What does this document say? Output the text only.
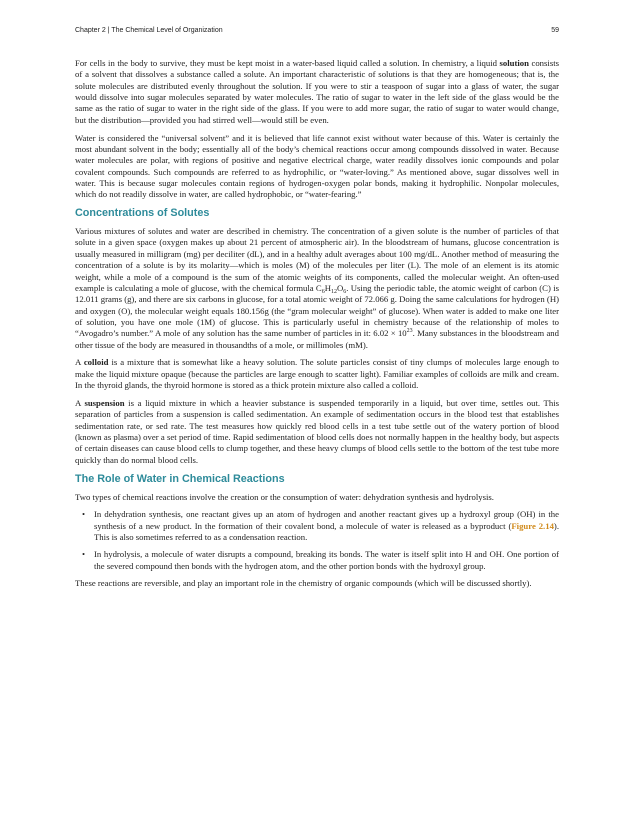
Chapter 2 | The Chemical Level of Organization	59

For cells in the body to survive, they must be kept moist in a water-based liquid called a solution. In chemistry, a liquid solution consists of a solvent that dissolves a substance called a solute. An important characteristic of solutions is that they are homogeneous; that is, the solute molecules are distributed evenly throughout the solution. If you were to stir a teaspoon of sugar into a glass of water, the sugar would dissolve into sugar molecules separated by water molecules. The ratio of sugar to water in the left side of the glass would be the same as the ratio of sugar to water in the right side of the glass. If you were to add more sugar, the ratio of sugar to water would change, but the distribution—provided you had stirred well—would still be even.

Water is considered the “universal solvent” and it is believed that life cannot exist without water because of this. Water is certainly the most abundant solvent in the body; essentially all of the body’s chemical reactions occur among compounds dissolved in water. Because water molecules are polar, with regions of positive and negative electrical charge, water readily dissolves ionic compounds and polar covalent compounds. Such compounds are referred to as hydrophilic, or “water-loving.” As mentioned above, sugar dissolves well in water. This is because sugar molecules contain regions of hydrogen-oxygen polar bonds, making it hydrophilic. Nonpolar molecules, which do not readily dissolve in water, are called hydrophobic, or “water-fearing.”

Concentrations of Solutes

Various mixtures of solutes and water are described in chemistry. The concentration of a given solute is the number of particles of that solute in a given space (oxygen makes up about 21 percent of atmospheric air). In the bloodstream of humans, glucose concentration is usually measured in milligram (mg) per deciliter (dL), and in a healthy adult averages about 100 mg/dL. Another method of measuring the concentration of a solute is by its molarity—which is moles (M) of the molecules per liter (L). The mole of an element is its atomic weight, while a mole of a compound is the sum of the atomic weights of its components, called the molecular weight. An often-used example is calculating a mole of glucose, with the chemical formula $C_6H_{12}O_6$. Using the periodic table, the atomic weight of carbon (C) is 12.011 grams (g), and there are six carbons in glucose, for a total atomic weight of 72.066 g. Doing the same calculations for hydrogen (H) and oxygen (O), the molecular weight equals 180.156g (the “gram molecular weight” of glucose). When water is added to make one liter of solution, you have one mole (1M) of glucose. This is particularly useful in chemistry because of the relationship of moles to “Avogadro’s number.” A mole of any solution has the same number of particles in it: $6.02 \times 10^{23}$. Many substances in the bloodstream and other tissue of the body are measured in thousandths of a mole, or millimoles (mM).

A colloid is a mixture that is somewhat like a heavy solution. The solute particles consist of tiny clumps of molecules large enough to make the liquid mixture opaque (because the particles are large enough to scatter light). Familiar examples of colloids are milk and cream. In the thyroid glands, the thyroid hormone is stored as a thick protein mixture also called a colloid.

A suspension is a liquid mixture in which a heavier substance is suspended temporarily in a liquid, but over time, settles out. This separation of particles from a suspension is called sedimentation. An example of sedimentation occurs in the blood test that establishes sedimentation rate, or sed rate. The test measures how quickly red blood cells in a test tube settle out of the watery portion of blood (known as plasma) over a set period of time. Rapid sedimentation of blood cells does not normally happen in the healthy body, but aspects of certain diseases can cause blood cells to clump together, and these heavy clumps of blood cells settle to the bottom of the test tube more quickly than do normal blood cells.

The Role of Water in Chemical Reactions

Two types of chemical reactions involve the creation or the consumption of water: dehydration synthesis and hydrolysis.

• In dehydration synthesis, one reactant gives up an atom of hydrogen and another reactant gives up a hydroxyl group (OH) in the synthesis of a new product. In the formation of their covalent bond, a molecule of water is released as a byproduct (Figure 2.14). This is also sometimes referred to as a condensation reaction.
• In hydrolysis, a molecule of water disrupts a compound, breaking its bonds. The water is itself split into H and OH. One portion of the severed compound then bonds with the hydrogen atom, and the other portion bonds with the hydroxyl group.

These reactions are reversible, and play an important role in the chemistry of organic compounds (which will be discussed shortly).
